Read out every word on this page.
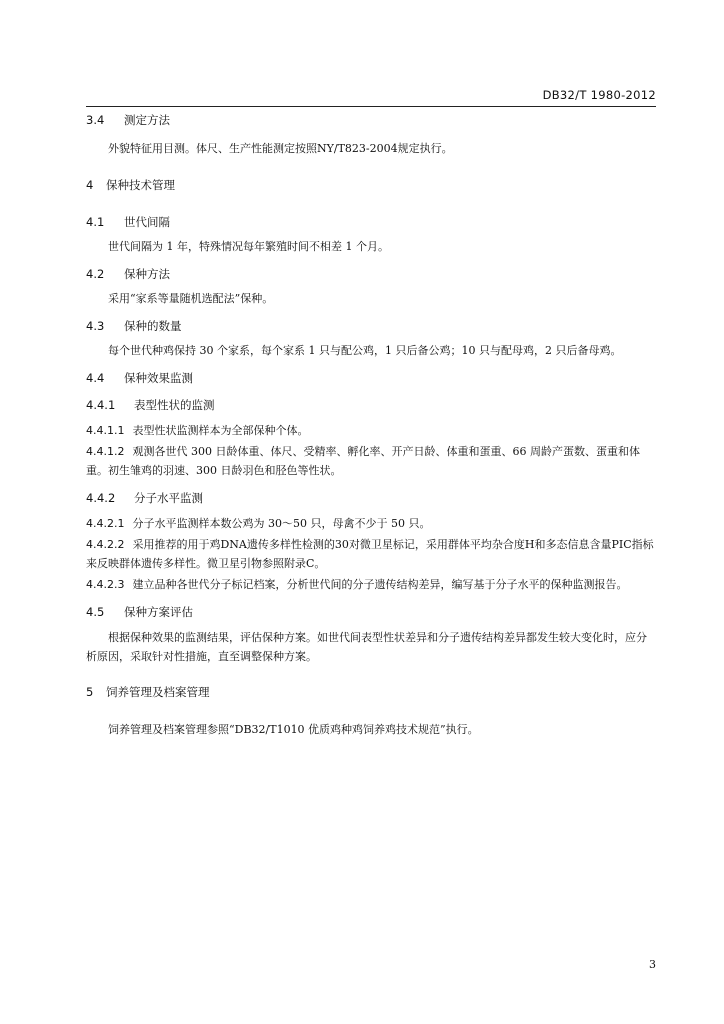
DB32/T 1980-2012

3.4 测定方法

外貌特征用目测。体尺、生产性能测定按照NY/T823-2004规定执行。

4 保种技术管理

4.1 世代间隔

世代间隔为 1 年，特殊情况每年繁殖时间不相差 1 个月。

4.2 保种方法

采用“家系等量随机选配法”保种。

4.3 保种的数量

每个世代种鸡保持 30 个家系，每个家系 1 只与配公鸡，1 只后备公鸡；10 只与配母鸡，2 只后备母鸡。

4.4 保种效果监测

4.4.1 表型性状的监测

4.4.1.1 表型性状监测样本为全部保种个体。

4.4.1.2 观测各世代 300 日龄体重、体尺、受精率、孵化率、开产日龄、体重和蛋重、66 周龄产蛋数、蛋重和体重。初生雏鸡的羽速、300 日龄羽色和胫色等性状。

4.4.2 分子水平监测

4.4.2.1 分子水平监测样本数公鸡为 30～50 只，母禽不少于 50 只。

4.4.2.2 采用推荐的用于鸡DNA遗传多样性检测的30对微卫星标记，采用群体平均杂合度H和多态信息含量PIC指标来反映群体遗传多样性。微卫星引物参照附录C。

4.4.2.3 建立品种各世代分子标记档案，分析世代间的分子遗传结构差异，编写基于分子水平的保种监测报告。

4.5 保种方案评估

根据保种效果的监测结果，评估保种方案。如世代间表型性状差异和分子遗传结构差异都发生较大变化时，应分析原因，采取针对性措施，直至调整保种方案。

5 饲养管理及档案管理

饲养管理及档案管理参照“DB32/T1010 优质鸡种鸡饲养鸡技术规范”执行。

3
